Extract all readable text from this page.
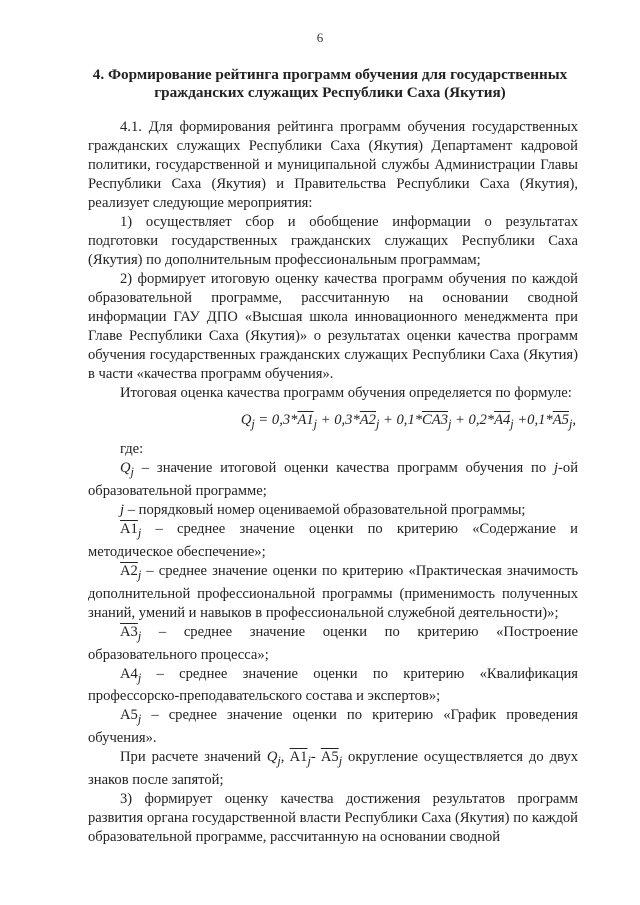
6
4. Формирование рейтинга программ обучения для государственных гражданских служащих Республики Саха (Якутия)

4.1. Для формирования рейтинга программ обучения государственных гражданских служащих Республики Саха (Якутия) Департамент кадровой политики, государственной и муниципальной службы Администрации Главы Республики Саха (Якутия) и Правительства Республики Саха (Якутия), реализует следующие мероприятия:

1) осуществляет сбор и обобщение информации о результатах подготовки государственных гражданских служащих Республики Саха (Якутия) по дополнительным профессиональным программам;

2) формирует итоговую оценку качества программ обучения по каждой образовательной программе, рассчитанную на основании сводной информации ГАУ ДПО «Высшая школа инновационного менеджмента при Главе Республики Саха (Якутия)» о результатах оценки качества программ обучения государственных гражданских служащих Республики Саха (Якутия) в части «качества программ обучения».

Итоговая оценка качества программ обучения определяется по формуле:

$Q_j = 0,3*A1_j + 0,3*A2_j + 0,1*CA3_j + 0,2*A4_j +0,1*A5_j$,

где:

$Q_j$ – значение итоговой оценки качества программ обучения по j-ой образовательной программе;

j – порядковый номер оцениваемой образовательной программы;

$A1_j$ – среднее значение оценки по критерию «Содержание и методическое обеспечение»;

$A2_j$ – среднее значение оценки по критерию «Практическая значимость дополнительной профессиональной программы (применимость полученных знаний, умений и навыков в профессиональной служебной деятельности)»;

$A3_j$ – среднее значение оценки по критерию «Построение образовательного процесса»;

$A4_j$ – среднее значение оценки по критерию «Квалификация профессорско-преподавательского состава и экспертов»;

$A5_j$ – среднее значение оценки по критерию «График проведения обучения».

При расчете значений $Q_j$, $A1_j-$ $A5_j$ округление осуществляется до двух знаков после запятой;

3) формирует оценку качества достижения результатов программ развития органа государственной власти Республики Саха (Якутия) по каждой образовательной программе, рассчитанную на основании сводной
